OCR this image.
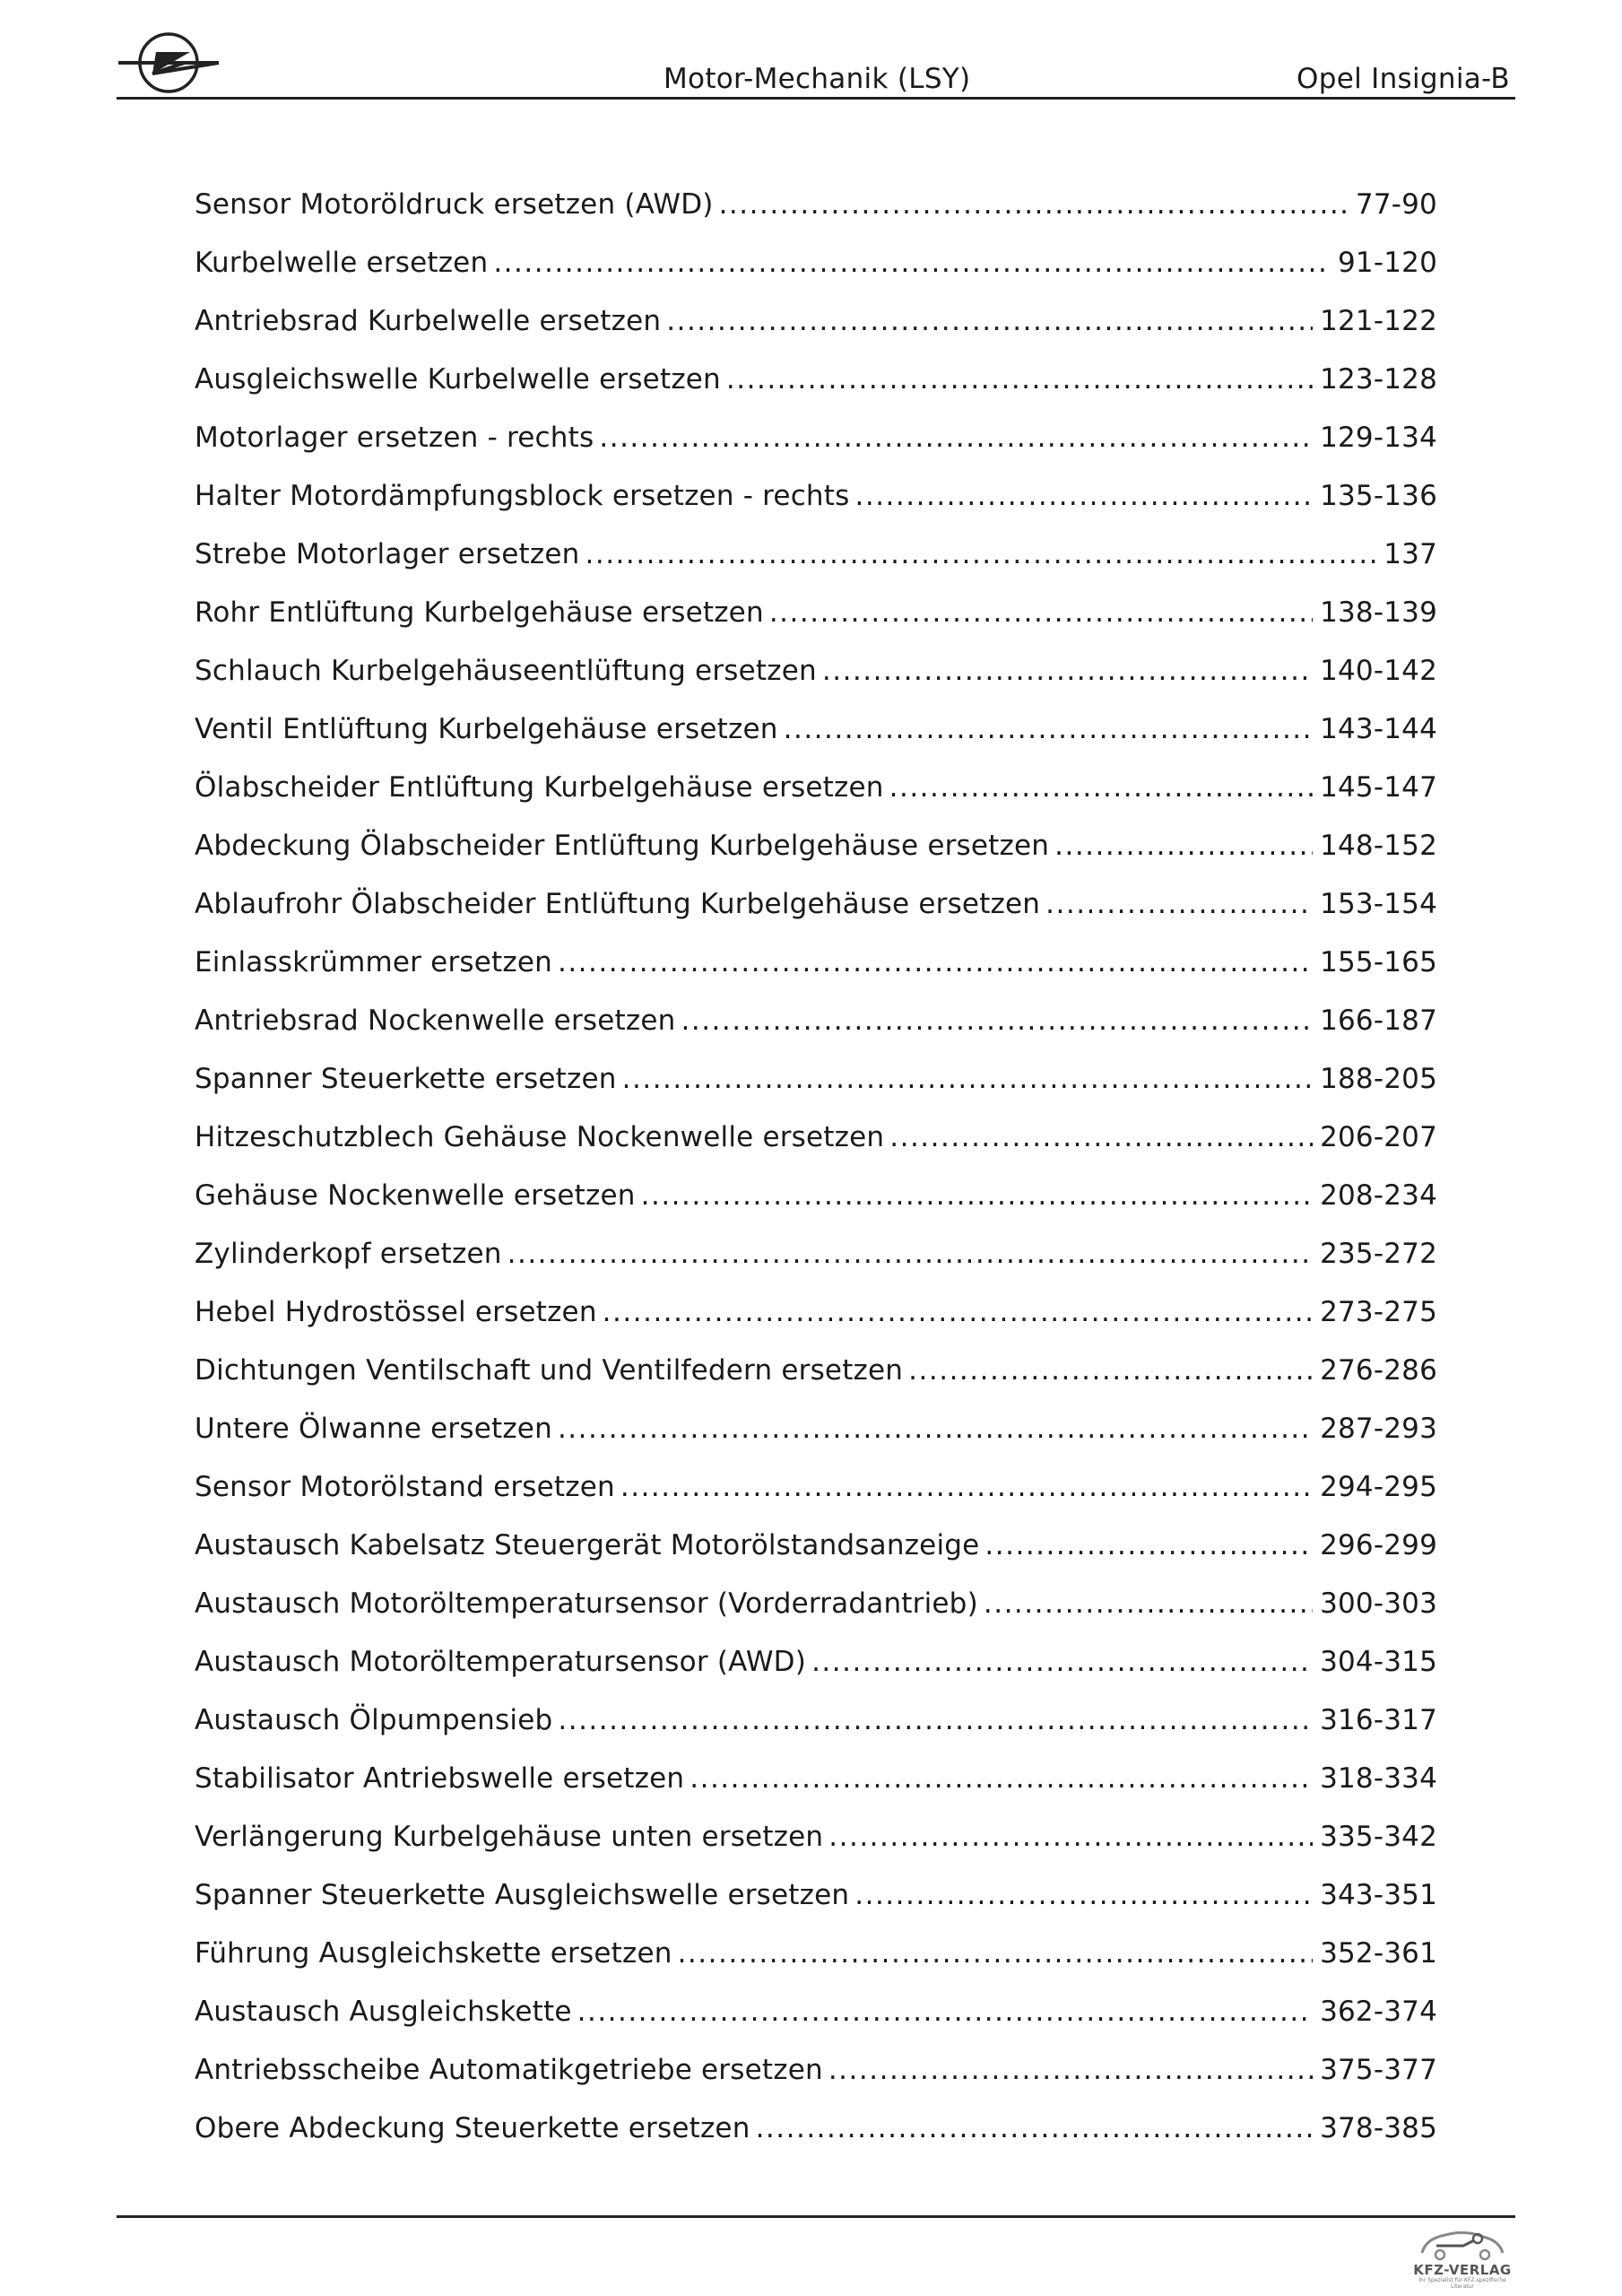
Motor-Mechanik (LSY)	Opel Insignia-B
Sensor Motoröldruck ersetzen (AWD) .....	77-90
Kurbelwelle ersetzen .....	91-120
Antriebsrad Kurbelwelle ersetzen .....	121-122
Ausgleichswelle Kurbelwelle ersetzen .....	123-128
Motorlager ersetzen - rechts .....	129-134
Halter Motordämpfungsblock ersetzen - rechts .....	135-136
Strebe Motorlager ersetzen .....	137
Rohr Entlüftung Kurbelgehäuse ersetzen .....	138-139
Schlauch Kurbelgehäuseentlüftung ersetzen .....	140-142
Ventil Entlüftung Kurbelgehäuse ersetzen .....	143-144
Ölabscheider Entlüftung Kurbelgehäuse ersetzen .....	145-147
Abdeckung Ölabscheider Entlüftung Kurbelgehäuse ersetzen .....	148-152
Ablaufrohr Ölabscheider Entlüftung Kurbelgehäuse ersetzen .....	153-154
Einlasskrümmer ersetzen .....	155-165
Antriebsrad Nockenwelle ersetzen .....	166-187
Spanner Steuerkette ersetzen .....	188-205
Hitzeschutzblech Gehäuse Nockenwelle ersetzen .....	206-207
Gehäuse Nockenwelle ersetzen .....	208-234
Zylinderkopf ersetzen .....	235-272
Hebel Hydrostössel ersetzen .....	273-275
Dichtungen Ventilschaft und Ventilfedern ersetzen .....	276-286
Untere Ölwanne ersetzen .....	287-293
Sensor Motorölstand ersetzen .....	294-295
Austausch Kabelsatz Steuergerät Motorölstandsanzeige .....	296-299
Austausch Motoröltemperatursensor (Vorderradantrieb) .....	300-303
Austausch Motoröltemperatursensor (AWD) .....	304-315
Austausch Ölpumpensieb .....	316-317
Stabilisator Antriebswelle ersetzen .....	318-334
Verlängerung Kurbelgehäuse unten ersetzen .....	335-342
Spanner Steuerkette Ausgleichswelle ersetzen .....	343-351
Führung Ausgleichskette ersetzen .....	352-361
Austausch Ausgleichskette .....	362-374
Antriebsscheibe Automatikgetriebe ersetzen .....	375-377
Obere Abdeckung Steuerkette ersetzen .....	378-385
KFZ-VERLAG
Ihr Spezialist für KFZ-spezifische Literatur
